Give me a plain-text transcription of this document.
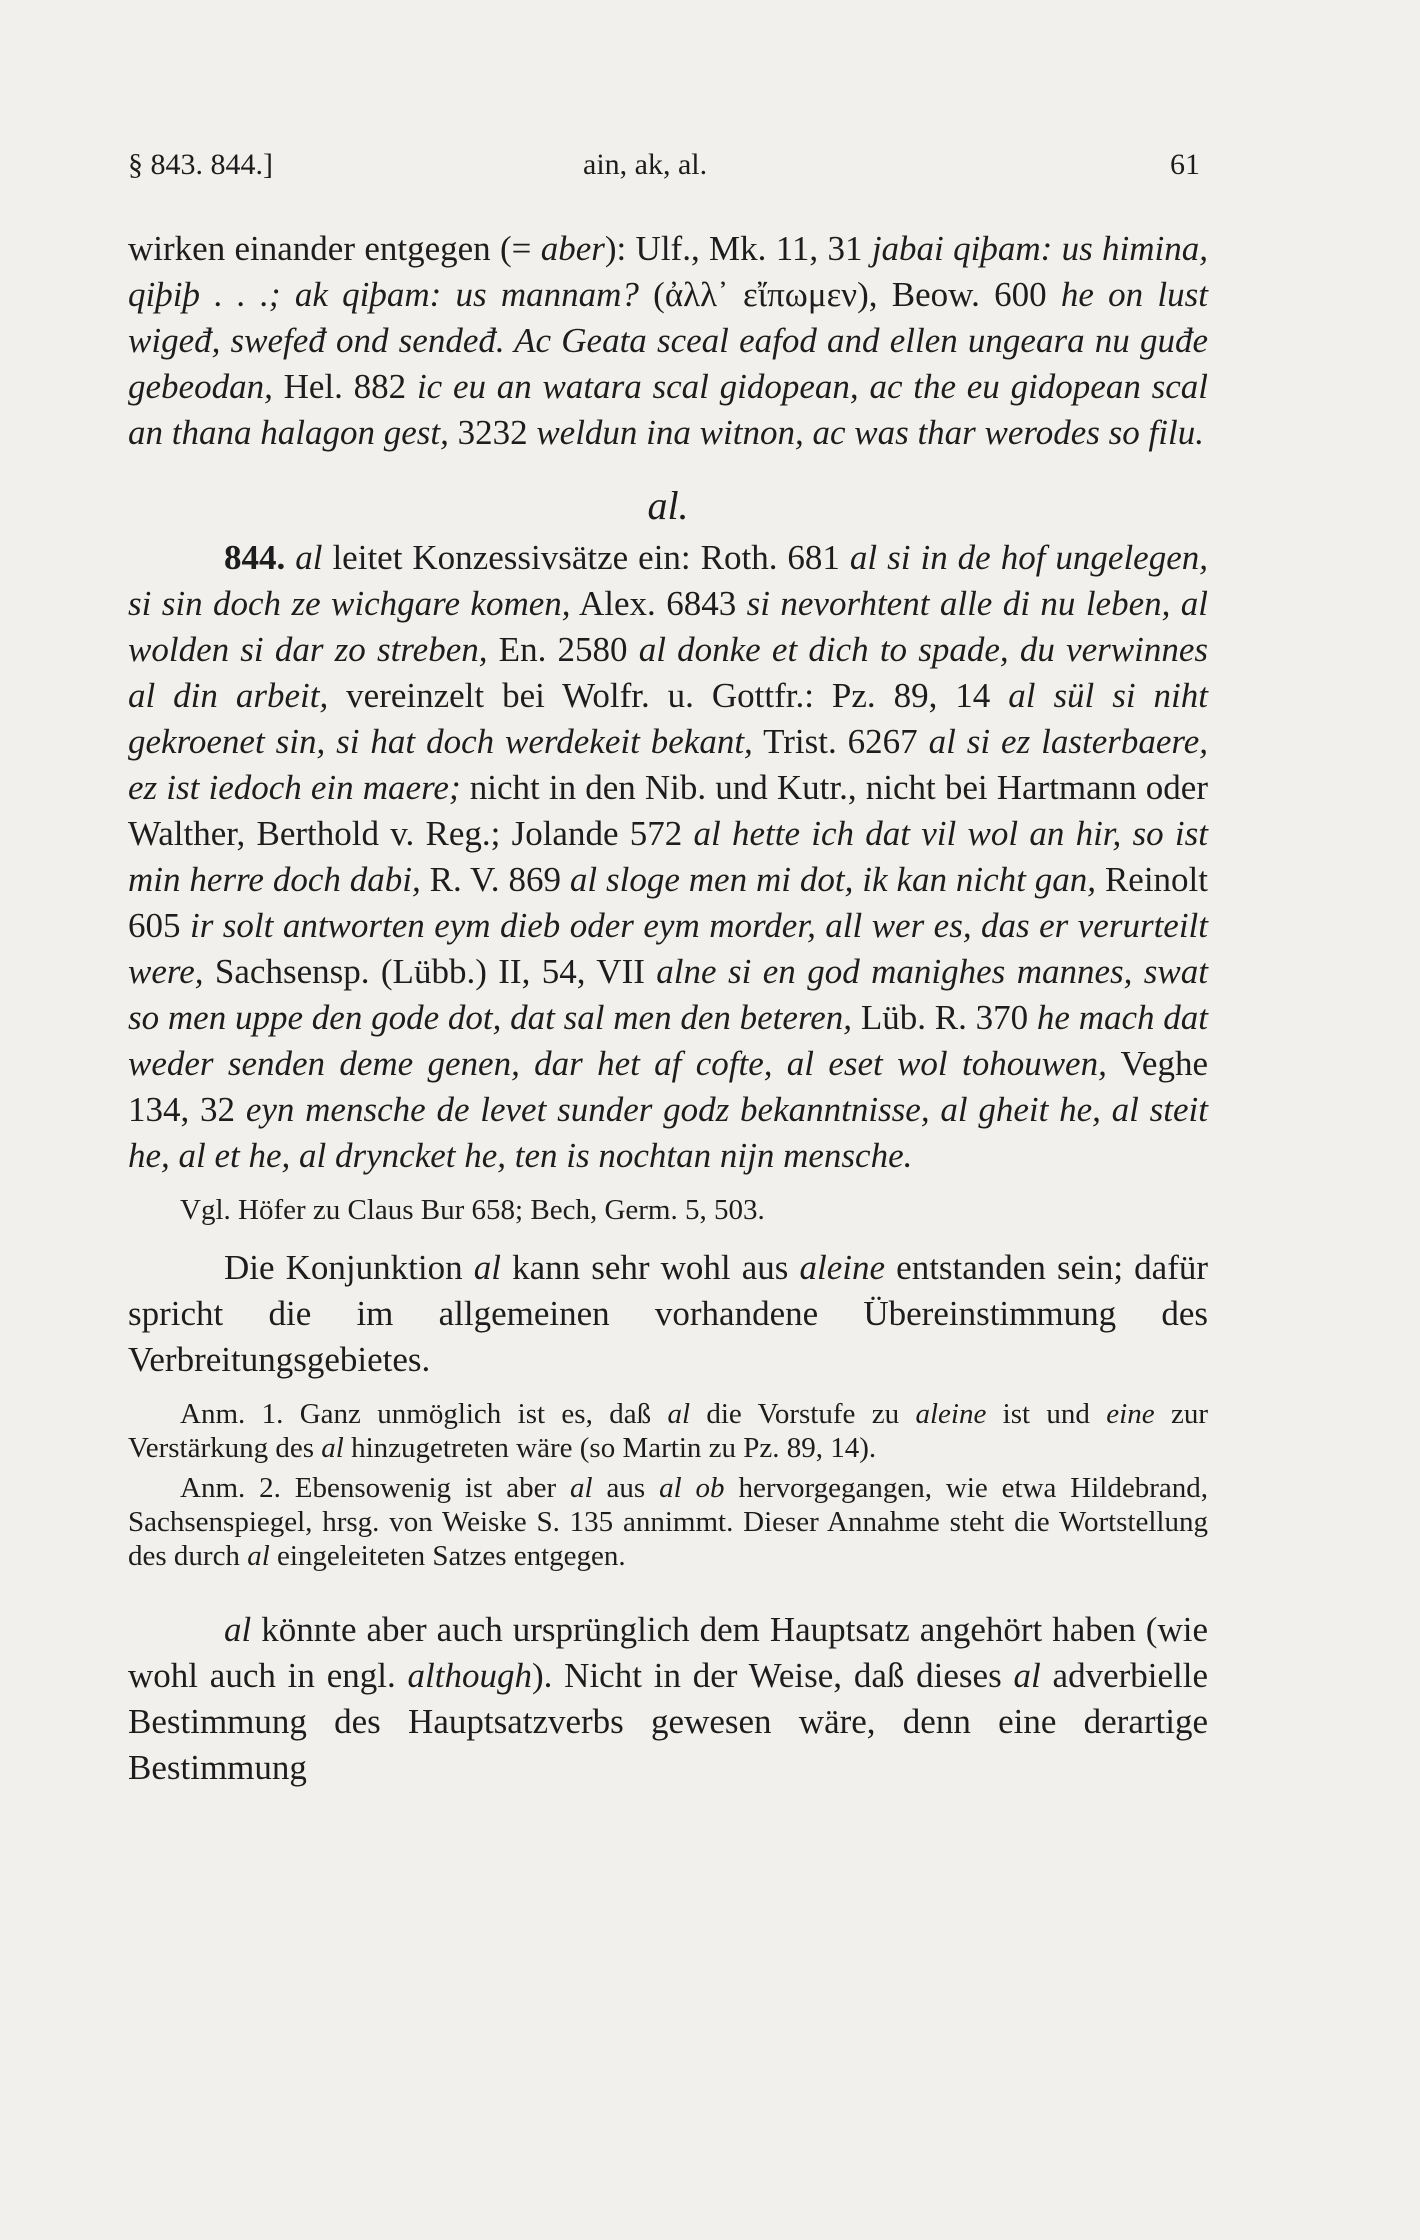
§ 843. 844.]	ain, ak, al.	61

wirken einander entgegen (= aber): Ulf., Mk. 11, 31 jabai qiþam: us himina, qiþiþ . . .; ak qiþam: us mannam? (ἀλλ᾽ εἴπωμεν), Beow. 600 he on lust wigeđ, swefeđ ond sendeđ. Ac Geata sceal eafod and ellen ungeara nu guđe gebeodan, Hel. 882 ic eu an watara scal gidopean, ac the eu gidopean scal an thana halagon gest, 3232 weldun ina witnon, ac was thar werodes so filu.

al.

844. al leitet Konzessivsätze ein: Roth. 681 al si in de hof ungelegen, si sin doch ze wichgare komen, Alex. 6843 si nevorhtent alle di nu leben, al wolden si dar zo streben, En. 2580 al donke et dich to spade, du verwinnes al din arbeit, vereinzelt bei Wolfr. u. Gottfr.: Pz. 89, 14 al sül si niht gekroenet sin, si hat doch werdekeit bekant, Trist. 6267 al si ez lasterbaere, ez ist iedoch ein maere; nicht in den Nib. und Kutr., nicht bei Hartmann oder Walther, Berthold v. Reg.; Jolande 572 al hette ich dat vil wol an hir, so ist min herre doch dabi, R. V. 869 al sloge men mi dot, ik kan nicht gan, Reinolt 605 ir solt antworten eym dieb oder eym morder, all wer es, das er verurteilt were, Sachsensp. (Lübb.) II, 54, VII alne si en god manighes mannes, swat so men uppe den gode dot, dat sal men den beteren, Lüb. R. 370 he mach dat weder senden deme genen, dar het af cofte, al eset wol tohouwen, Veghe 134, 32 eyn mensche de levet sunder godz bekanntnisse, al gheit he, al steit he, al et he, al dryncket he, ten is nochtan nijn mensche.

Vgl. Höfer zu Claus Bur 658; Bech, Germ. 5, 503.

Die Konjunktion al kann sehr wohl aus aleine entstanden sein; dafür spricht die im allgemeinen vorhandene Übereinstimmung des Verbreitungsgebietes.

Anm. 1. Ganz unmöglich ist es, daß al die Vorstufe zu aleine ist und eine zur Verstärkung des al hinzugetreten wäre (so Martin zu Pz. 89, 14).

Anm. 2. Ebensowenig ist aber al aus al ob hervorgegangen, wie etwa Hildebrand, Sachsenspiegel, hrsg. von Weiske S. 135 annimmt. Dieser Annahme steht die Wortstellung des durch al eingeleiteten Satzes entgegen.

al könnte aber auch ursprünglich dem Hauptsatz angehört haben (wie wohl auch in engl. although). Nicht in der Weise, daß dieses al adverbielle Bestimmung des Hauptsatzverbs gewesen wäre, denn eine derartige Bestimmung
